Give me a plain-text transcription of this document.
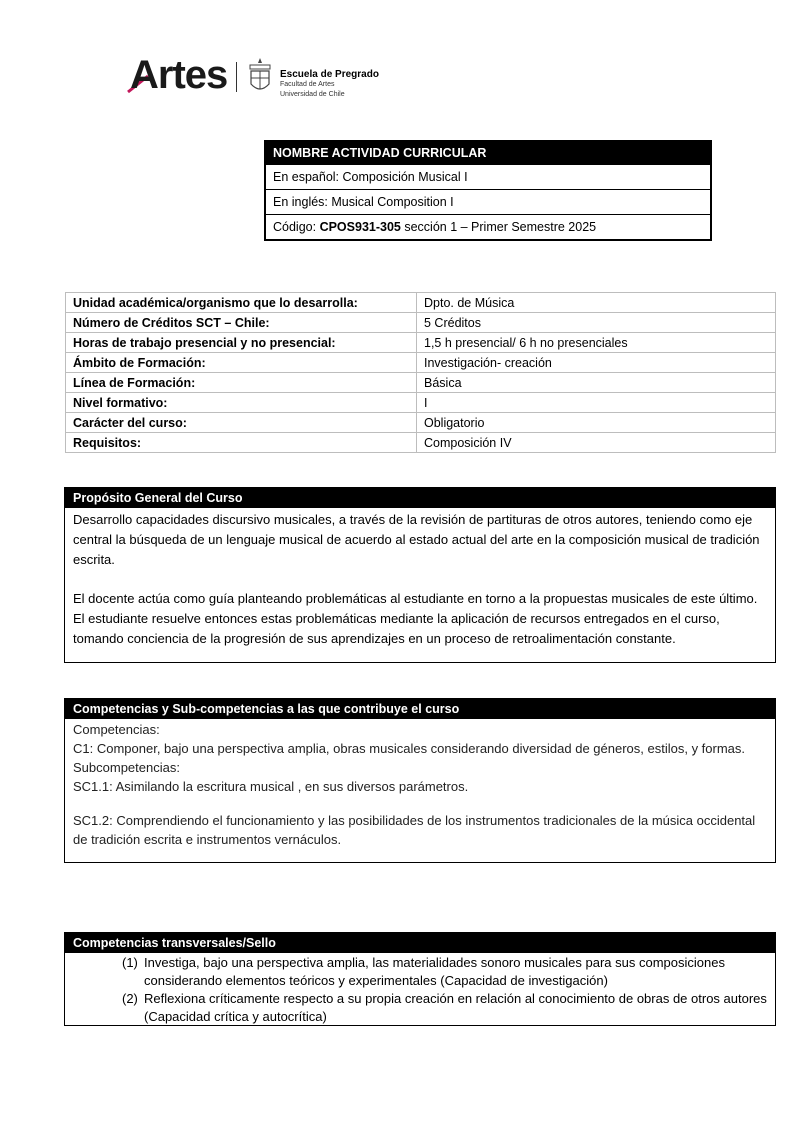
Artes	Escuela de Pregrado
Facultad de Artes
Universidad de Chile
NOMBRE ACTIVIDAD CURRICULAR
En español: Composición Musical I
En inglés: Musical Composition I
Código: CPOS931-305 sección 1 – Primer Semestre 2025
Unidad académica/organismo que lo desarrolla:	Dpto. de Música
Número de Créditos SCT – Chile:	5 Créditos
Horas de trabajo presencial y no presencial:	1,5 h presencial/ 6 h no presenciales
Ámbito de Formación:	Investigación- creación
Línea de Formación:	Básica
Nivel formativo:	I
Carácter del curso:	Obligatorio
Requisitos:	Composición IV
Propósito General del Curso

Desarrollo capacidades discursivo musicales, a través de la revisión de partituras de otros autores, teniendo como eje central la búsqueda de un lenguaje musical de acuerdo al estado actual del arte en la composición musical de tradición escrita.

El docente actúa como guía planteando problemáticas al estudiante en torno a la propuestas musicales de este último. El estudiante resuelve entonces estas problemáticas mediante la aplicación de recursos entregados en el curso, tomando conciencia de la progresión de sus aprendizajes en un proceso de retroalimentación constante.

Competencias y Sub-competencias a las que contribuye el curso

Competencias:

C1: Componer, bajo una perspectiva amplia, obras musicales considerando diversidad de géneros, estilos, y formas.

Subcompetencias:

SC1.1: Asimilando la escritura musical , en sus diversos parámetros.

SC1.2: Comprendiendo el funcionamiento y las posibilidades de los instrumentos tradicionales de la música occidental de tradición escrita e instrumentos vernáculos.

Competencias transversales/Sello
(1) Investiga, bajo una perspectiva amplia, las materialidades sonoro musicales para sus composiciones considerando elementos teóricos y experimentales (Capacidad de investigación)
(2) Reflexiona críticamente respecto a su propia creación en relación al conocimiento de obras de otros autores (Capacidad crítica y autocrítica)
